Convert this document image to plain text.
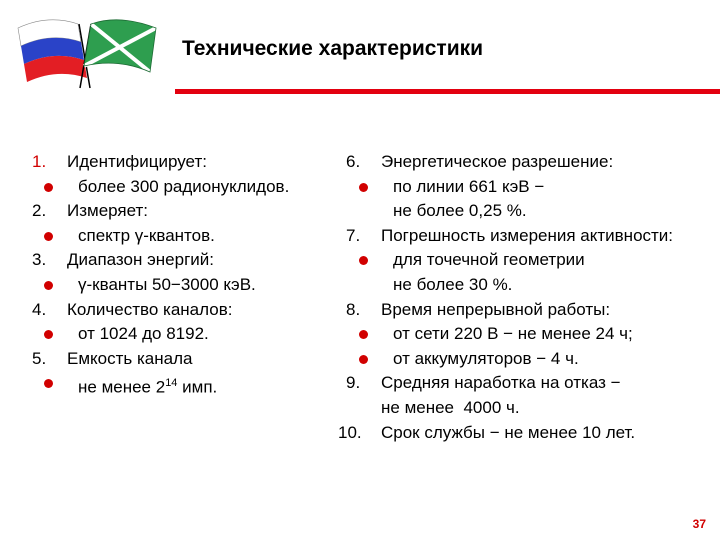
Технические характеристики
1. Идентифицирует:
более 300 радионуклидов.
2. Измеряет:
спектр γ-квантов.
3. Диапазон энергий:
γ-кванты 50−3000 кэВ.
4. Количество каналов:
от 1024 до 8192.
5. Емкость канала
не менее $2^{14}$ имп.
6. Энергетическое разрешение:
по линии 661 кэВ −
не более 0,25 %.
7. Погрешность измерения активности:
для точечной геометрии
не более 30 %.
8. Время непрерывной работы:
от сети 220 В − не менее 24 ч;
от аккумуляторов − 4 ч.
9. Средняя наработка на отказ −
не менее  4000 ч.
10. Срок службы − не менее 10 лет.
37
